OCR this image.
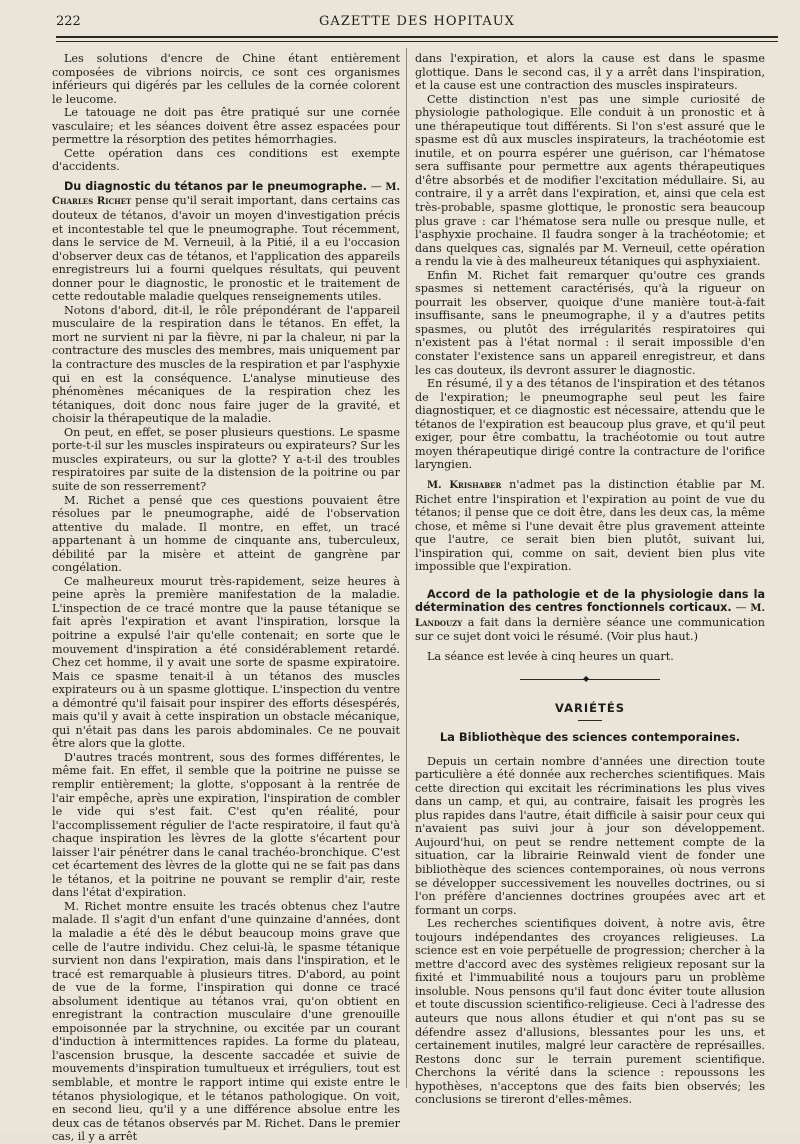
222	GAZETTE DES HOPITAUX

Les solutions d'encre de Chine étant entièrement composées de vibrions noircis, ce sont ces organismes inférieurs qui digérés par les cellules de la cornée colorent le leucome.

Le tatouage ne doit pas être pratiqué sur une cornée vasculaire; et les séances doivent être assez espacées pour permettre la résorption des petites hémorrhagies.

Cette opération dans ces conditions est exempte d'accidents.

Du diagnostic du tétanos par le pneumographe. — M. Charles Richet pense qu'il serait important, dans certains cas douteux de tétanos, d'avoir un moyen d'investigation précis et incontestable tel que le pneumographe. Tout récemment, dans le service de M. Verneuil, à la Pitié, il a eu l'occasion d'observer deux cas de tétanos, et l'application des appareils enregistreurs lui a fourni quelques résultats, qui peuvent donner pour le diagnostic, le pronostic et le traitement de cette redoutable maladie quelques renseignements utiles.

Notons d'abord, dit-il, le rôle prépondérant de l'appareil musculaire de la respiration dans le tétanos. En effet, la mort ne survient ni par la fièvre, ni par la chaleur, ni par la contracture des muscles des membres, mais uniquement par la contracture des muscles de la respiration et par l'asphyxie qui en est la conséquence. L'analyse minutieuse des phénomènes mécaniques de la respiration chez les tétaniques, doit donc nous faire juger de la gravité, et choisir la thérapeutique de la maladie.

On peut, en effet, se poser plusieurs questions. Le spasme porte-t-il sur les muscles inspirateurs ou expirateurs? Sur les muscles expirateurs, ou sur la glotte? Y a-t-il des troubles respiratoires par suite de la distension de la poitrine ou par suite de son resserrement?

M. Richet a pensé que ces questions pouvaient être résolues par le pneumographe, aidé de l'observation attentive du malade. Il montre, en effet, un tracé appartenant à un homme de cinquante ans, tuberculeux, débilité par la misère et atteint de gangrène par congélation.

Ce malheureux mourut très-rapidement, seize heures à peine après la première manifestation de la maladie. L'inspection de ce tracé montre que la pause tétanique se fait après l'expiration et avant l'inspiration, lorsque la poitrine a expulsé l'air qu'elle contenait; en sorte que le mouvement d'inspiration a été considérablement retardé. Chez cet homme, il y avait une sorte de spasme expiratoire. Mais ce spasme tenait-il à un tétanos des muscles expirateurs ou à un spasme glottique. L'inspection du ventre a démontré qu'il faisait pour inspirer des efforts désespérés, mais qu'il y avait à cette inspiration un obstacle mécanique, qui n'était pas dans les parois abdominales. Ce ne pouvait être alors que la glotte.

D'autres tracés montrent, sous des formes différentes, le même fait. En effet, il semble que la poitrine ne puisse se remplir entièrement; la glotte, s'opposant à la rentrée de l'air empêche, après une expiration, l'inspiration de combler le vide qui s'est fait. C'est qu'en réalité, pour l'accomplissement régulier de l'acte respiratoire, il faut qu'à chaque inspiration les lèvres de la glotte s'écartent pour laisser l'air pénétrer dans le canal trachéo-bronchique. C'est cet écartement des lèvres de la glotte qui ne se fait pas dans le tétanos, et la poitrine ne pouvant se remplir d'air, reste dans l'état d'expiration.

M. Richet montre ensuite les tracés obtenus chez l'autre malade. Il s'agit d'un enfant d'une quinzaine d'années, dont la maladie a été dès le début beaucoup moins grave que celle de l'autre individu. Chez celui-là, le spasme tétanique survient non dans l'expiration, mais dans l'inspiration, et le tracé est remarquable à plusieurs titres. D'abord, au point de vue de la forme, l'inspiration qui donne ce tracé absolument identique au tétanos vrai, qu'on obtient en enregistrant la contraction musculaire d'une grenouille empoisonnée par la strychnine, ou excitée par un courant d'induction à intermittences rapides. La forme du plateau, l'ascension brusque, la descente saccadée et suivie de mouvements d'inspiration tumultueux et irréguliers, tout est semblable, et montre le rapport intime qui existe entre le tétanos physiologique, et le tétanos pathologique. On voit, en second lieu, qu'il y a une différence absolue entre les deux cas de tétanos observés par M. Richet. Dans le premier cas, il y a arrêt

dans l'expiration, et alors la cause est dans le spasme glottique. Dans le second cas, il y a arrêt dans l'inspiration, et la cause est une contraction des muscles inspirateurs.

Cette distinction n'est pas une simple curiosité de physiologie pathologique. Elle conduit à un pronostic et à une thérapeutique tout différents. Si l'on s'est assuré que le spasme est dû aux muscles inspirateurs, la trachéotomie est inutile, et on pourra espérer une guérison, car l'hématose sera suffisante pour permettre aux agents thérapeutiques d'être absorbés et de modifier l'excitation médullaire. Si, au contraire, il y a arrêt dans l'expiration, et, ainsi que cela est très-probable, spasme glottique, le pronostic sera beaucoup plus grave : car l'hématose sera nulle ou presque nulle, et l'asphyxie prochaine. Il faudra songer à la trachéotomie; et dans quelques cas, signalés par M. Verneuil, cette opération a rendu la vie à des malheureux tétaniques qui asphyxiaient.

Enfin M. Richet fait remarquer qu'outre ces grands spasmes si nettement caractérisés, qu'à la rigueur on pourrait les observer, quoique d'une manière tout-à-fait insuffisante, sans le pneumographe, il y a d'autres petits spasmes, ou plutôt des irrégularités respiratoires qui n'existent pas à l'état normal : il serait impossible d'en constater l'existence sans un appareil enregistreur, et dans les cas douteux, ils devront assurer le diagnostic.

En résumé, il y a des tétanos de l'inspiration et des tétanos de l'expiration; le pneumographe seul peut les faire diagnostiquer, et ce diagnostic est nécessaire, attendu que le tétanos de l'expiration est beaucoup plus grave, et qu'il peut exiger, pour être combattu, la trachéotomie ou tout autre moyen thérapeutique dirigé contre la contracture de l'orifice laryngien.

M. Krishaber n'admet pas la distinction établie par M. Richet entre l'inspiration et l'expiration au point de vue du tétanos; il pense que ce doit être, dans les deux cas, la même chose, et même si l'une devait être plus gravement atteinte que l'autre, ce serait bien bien plutôt, suivant lui, l'inspiration qui, comme on sait, devient bien plus vite impossible que l'expiration.

Accord de la pathologie et de la physiologie dans la détermination des centres fonctionnels corticaux. — M. Landouzy a fait dans la dernière séance une communication sur ce sujet dont voici le résumé. (Voir plus haut.)

La séance est levée à cinq heures un quart.

◆
VARIÉTÉS
La Bibliothèque des sciences contemporaines.

Depuis un certain nombre d'années une direction toute particulière a été donnée aux recherches scientifiques. Mais cette direction qui excitait les récriminations les plus vives dans un camp, et qui, au contraire, faisait les progrès les plus rapides dans l'autre, était difficile à saisir pour ceux qui n'avaient pas suivi jour à jour son développement. Aujourd'hui, on peut se rendre nettement compte de la situation, car la librairie Reinwald vient de fonder une bibliothèque des sciences contemporaines, où nous verrons se développer successivement les nouvelles doctrines, ou si l'on préfère d'anciennes doctrines groupées avec art et formant un corps.

Les recherches scientifiques doivent, à notre avis, être toujours indépendantes des croyances religieuses. La science est en voie perpétuelle de progression; chercher à la mettre d'accord avec des systèmes religieux reposant sur la fixité et l'immuabilité nous a toujours paru un problème insoluble. Nous pensons qu'il faut donc éviter toute allusion et toute discussion scientifico-religieuse. Ceci à l'adresse des auteurs que nous allons étudier et qui n'ont pas su se défendre assez d'allusions, blessantes pour les uns, et certainement inutiles, malgré leur caractère de représailles. Restons donc sur le terrain purement scientifique. Cherchons la vérité dans la science : repoussons les hypothèses, n'acceptons que des faits bien observés; les conclusions se tireront d'elles-mêmes.
